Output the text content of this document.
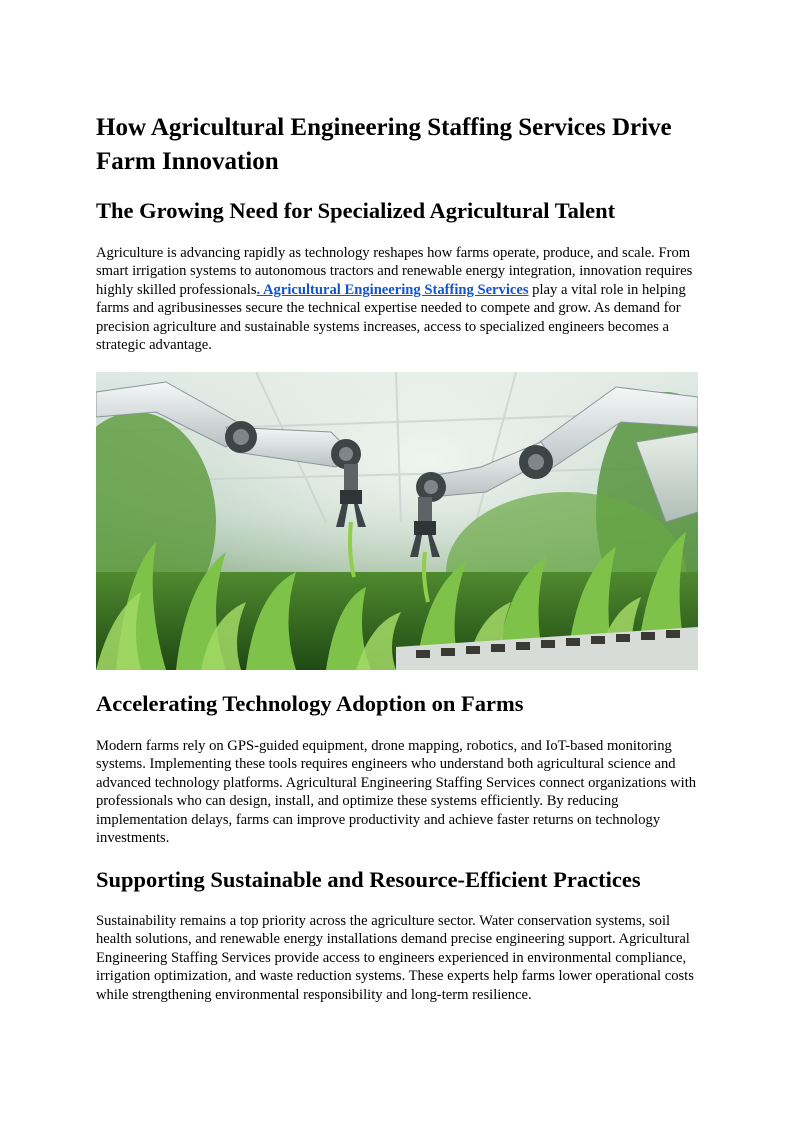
How Agricultural Engineering Staffing Services Drive Farm Innovation
The Growing Need for Specialized Agricultural Talent

Agriculture is advancing rapidly as technology reshapes how farms operate, produce, and scale. From smart irrigation systems to autonomous tractors and renewable energy integration, innovation requires highly skilled professionals. Agricultural Engineering Staffing Services play a vital role in helping farms and agribusinesses secure the technical expertise needed to compete and grow. As demand for precision agriculture and sustainable systems increases, access to specialized engineers becomes a strategic advantage.

Accelerating Technology Adoption on Farms

Modern farms rely on GPS-guided equipment, drone mapping, robotics, and IoT-based monitoring systems. Implementing these tools requires engineers who understand both agricultural science and advanced technology platforms. Agricultural Engineering Staffing Services connect organizations with professionals who can design, install, and optimize these systems efficiently. By reducing implementation delays, farms can improve productivity and achieve faster returns on technology investments.

Supporting Sustainable and Resource-Efficient Practices

Sustainability remains a top priority across the agriculture sector. Water conservation systems, soil health solutions, and renewable energy installations demand precise engineering support. Agricultural Engineering Staffing Services provide access to engineers experienced in environmental compliance, irrigation optimization, and waste reduction systems. These experts help farms lower operational costs while strengthening environmental responsibility and long-term resilience.
